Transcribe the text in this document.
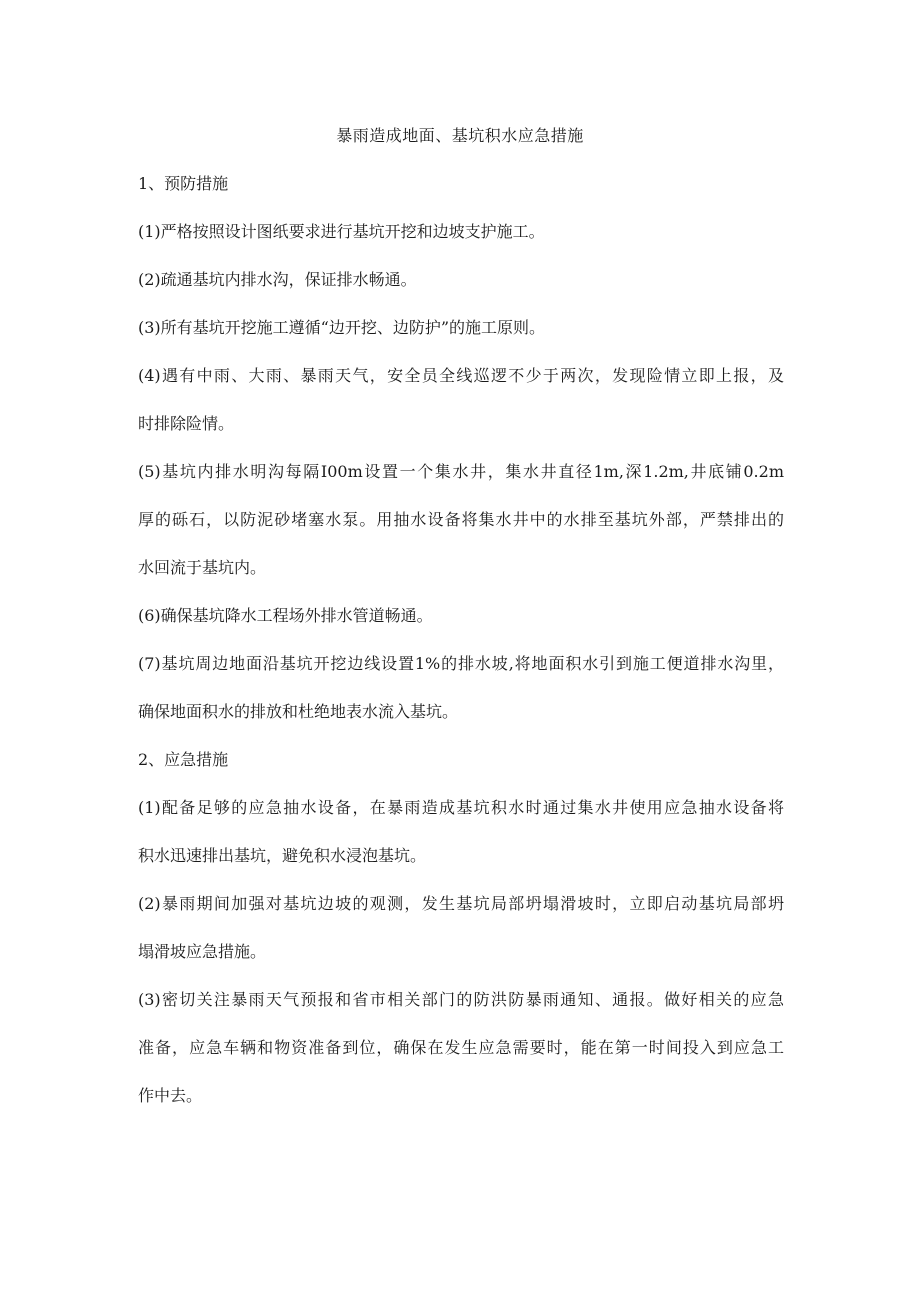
暴雨造成地面、基坑积水应急措施

1、预防措施

(1)严格按照设计图纸要求进行基坑开挖和边坡支护施工。

(2)疏通基坑内排水沟，保证排水畅通。

(3)所有基坑开挖施工遵循“边开挖、边防护”的施工原则。

(4)遇有中雨、大雨、暴雨天气，安全员全线巡逻不少于两次，发现险情立即上报，及
时排除险情。

(5)基坑内排水明沟每隔I00m设置一个集水井，集水井直径1m,深1.2m,井底铺0.2m
厚的砾石，以防泥砂堵塞水泵。用抽水设备将集水井中的水排至基坑外部，严禁排出的
水回流于基坑内。

(6)确保基坑降水工程场外排水管道畅通。

(7)基坑周边地面沿基坑开挖边线设置1%的排水坡,将地面积水引到施工便道排水沟里，
确保地面积水的排放和杜绝地表水流入基坑。

2、应急措施

(1)配备足够的应急抽水设备，在暴雨造成基坑积水时通过集水井使用应急抽水设备将
积水迅速排出基坑，避免积水浸泡基坑。

(2)暴雨期间加强对基坑边坡的观测，发生基坑局部坍塌滑坡时，立即启动基坑局部坍
塌滑坡应急措施。

(3)密切关注暴雨天气预报和省市相关部门的防洪防暴雨通知、通报。做好相关的应急
准备，应急车辆和物资准备到位，确保在发生应急需要时，能在第一时间投入到应急工
作中去。
